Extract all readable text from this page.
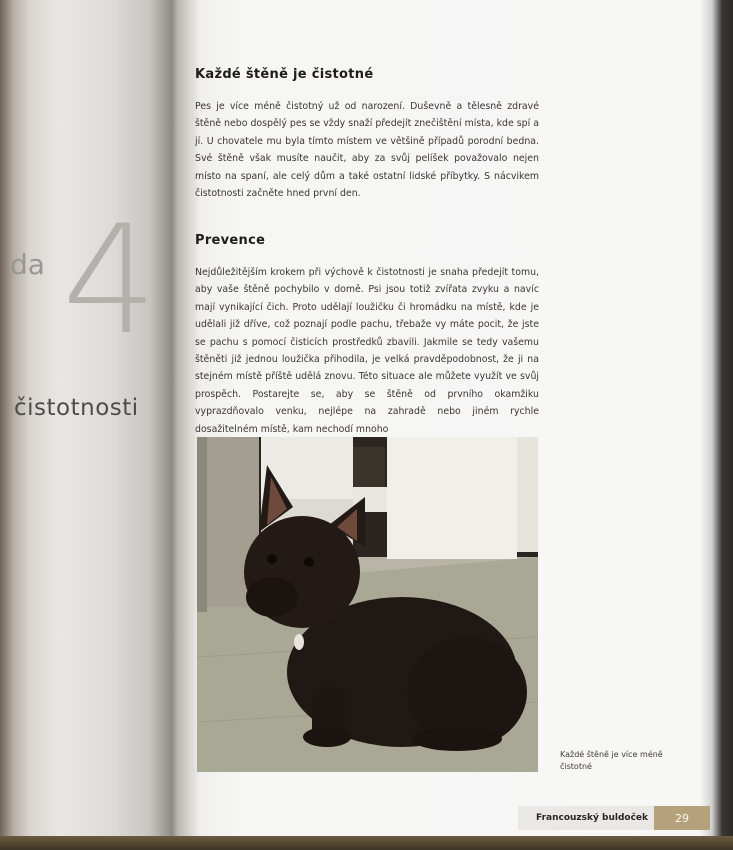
da 4
čistotnosti
Každé štěně je čistotné

Pes je více méně čistotný už od narození. Duševně a tělesně zdravé štěně nebo dospělý pes se vždy snaží předejít znečištění místa, kde spí a jí. U chovatele mu byla tímto místem ve většině případů porodní bedna. Své štěně však musíte naučit, aby za svůj pelíšek považovalo nejen místo na spaní, ale celý dům a také ostatní lidské příbytky. S nácvikem čistotnosti začněte hned první den.

Prevence

Nejdůležitějším krokem při výchově k čistotnosti je snaha předejít tomu, aby vaše štěně pochybilo v domě. Psi jsou totiž zvířata zvyku a navíc mají vynikající čich. Proto udělají loužičku či hromádku na místě, kde je udělali již dříve, což poznají podle pachu, třebaže vy máte pocit, že jste se pachu s pomocí čisticích prostředků zbavili. Jakmile se tedy vašemu štěněti již jednou loužička přihodila, je velká pravděpodobnost, že ji na stejném místě příště udělá znovu. Této situace ale můžete využít ve svůj prospěch. Postarejte se, aby se štěně od prvního okamžiku vyprazdňovalo venku, nejlépe na zahradě nebo jiném rychle dosažitelném místě, kam nechodí mnoho

Každé štěně je více méně čistotné
Francouzský buldoček	29
